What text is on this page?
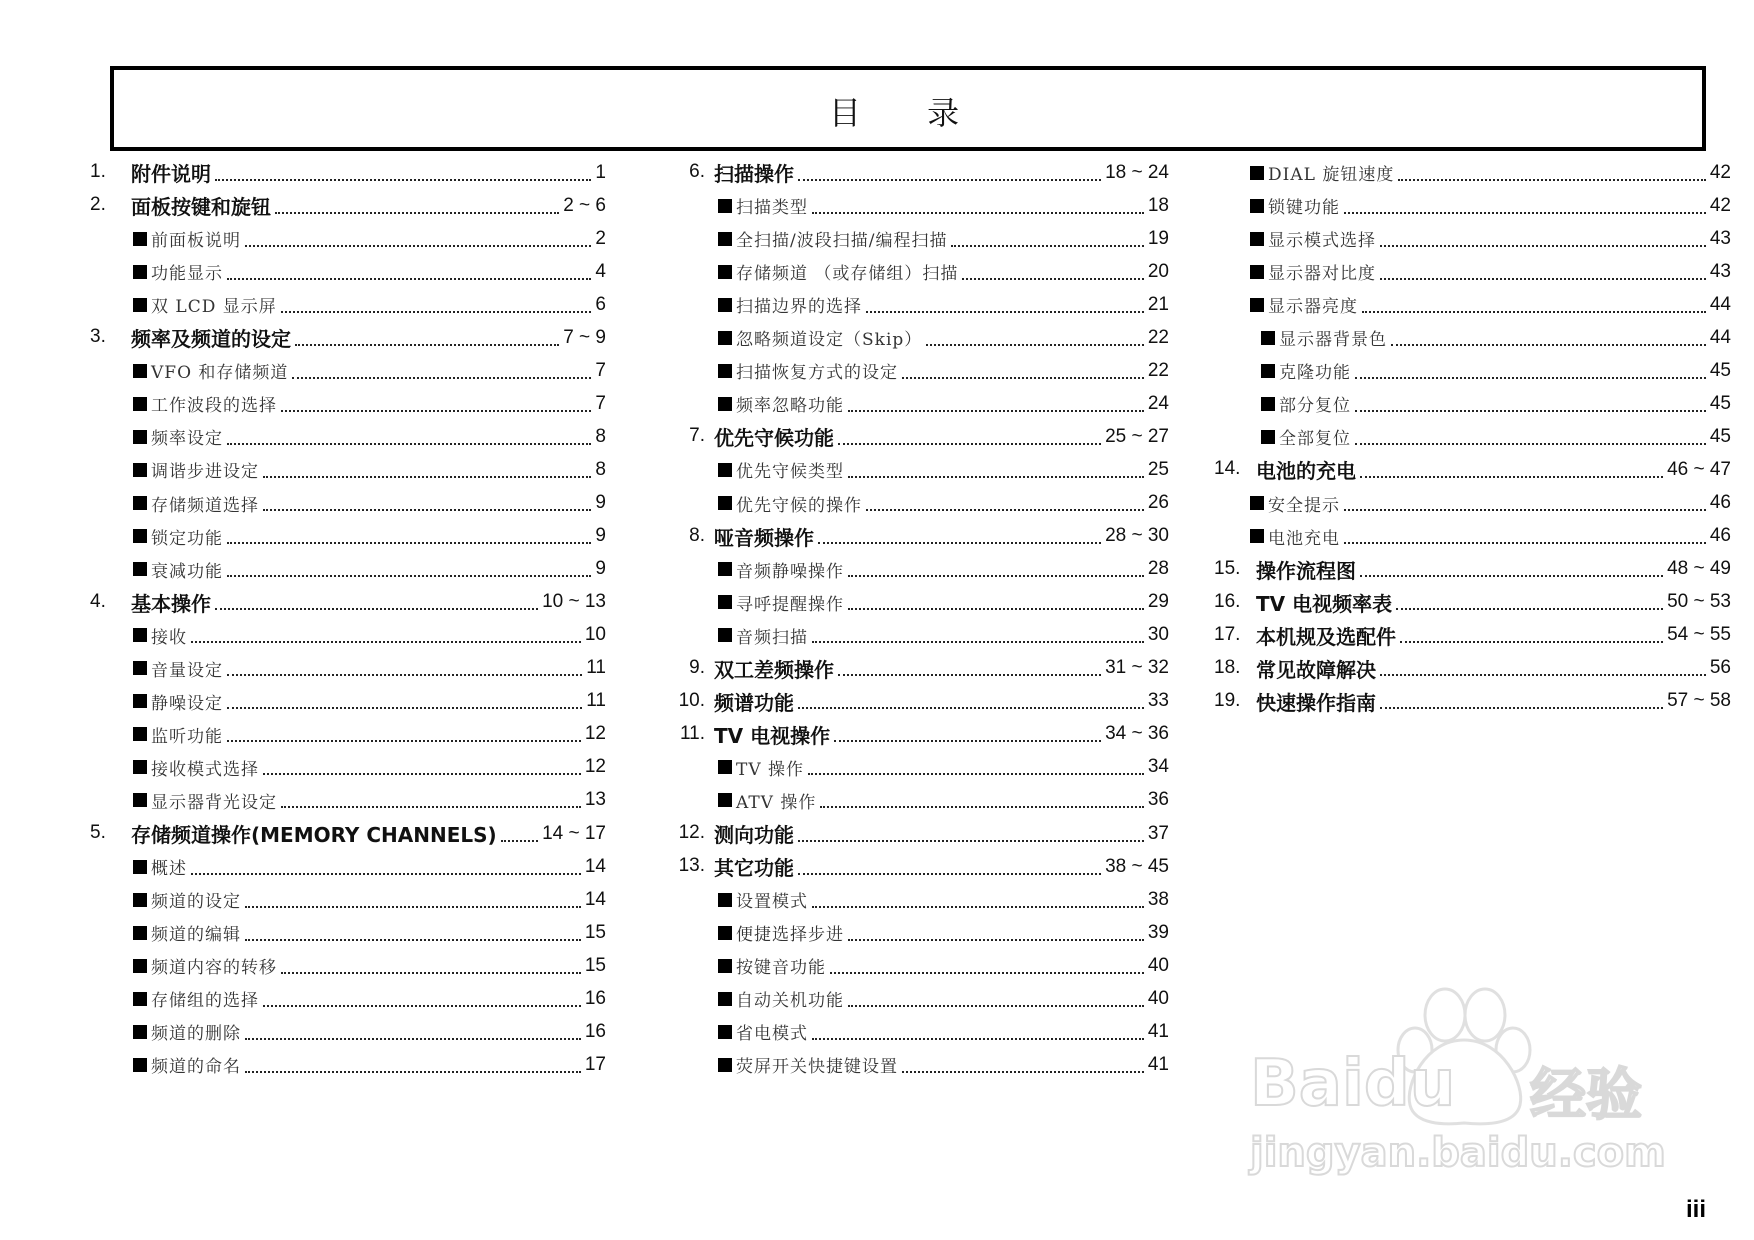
目 录
1. 附件说明	1
2. 面板按键和旋钮	2 ~ 6
前面板说明	2
功能显示	4
双 LCD 显示屏	6
3. 频率及频道的设定	7 ~ 9
VFO 和存储频道	7
工作波段的选择	7
频率设定	8
调谐步进设定	8
存储频道选择	9
锁定功能	9
衰减功能	9
4. 基本操作	10 ~ 13
接收	10
音量设定	11
静噪设定	11
监听功能	12
接收模式选择	12
显示器背光设定	13
5. 存储频道操作(MEMORY CHANNELS) 14 ~ 17
概述	14
频道的设定	14
频道的编辑	15
频道内容的转移	15
存储组的选择	16
频道的删除	16
频道的命名	17
6. 扫描操作	18 ~ 24
扫描类型	18
全扫描/波段扫描/编程扫描	19
存储频道 （或存储组）扫描	20
扫描边界的选择	21
忽略频道设定（Skip）	22
扫描恢复方式的设定	22
频率忽略功能	24
7. 优先守候功能	25 ~ 27
优先守候类型	25
优先守候的操作	26
8. 哑音频操作	28 ~ 30
音频静噪操作	28
寻呼提醒操作	29
音频扫描	30
9. 双工差频操作	31 ~ 32
10. 频谱功能	33
11. TV 电视操作	34 ~ 36
TV 操作	34
ATV 操作	36
12. 测向功能	37
13. 其它功能	38 ~ 45
设置模式	38
便捷选择步进	39
按键音功能	40
自动关机功能	40
省电模式	41
荧屏开关快捷键设置	41
DIAL 旋钮速度	42
锁键功能	42
显示模式选择	43
显示器对比度	43
显示器亮度	44
显示器背景色	44
克隆功能	45
部分复位	45
全部复位	45
14. 电池的充电	46 ~ 47
安全提示	46
电池充电	46
15. 操作流程图	48 ~ 49
16. TV 电视频率表	50 ~ 53
17. 本机规及选配件	54 ~ 55
18. 常见故障解决	56
19. 快速操作指南	57 ~ 58
Baidu 经验
jingyan.baidu.com
iii
